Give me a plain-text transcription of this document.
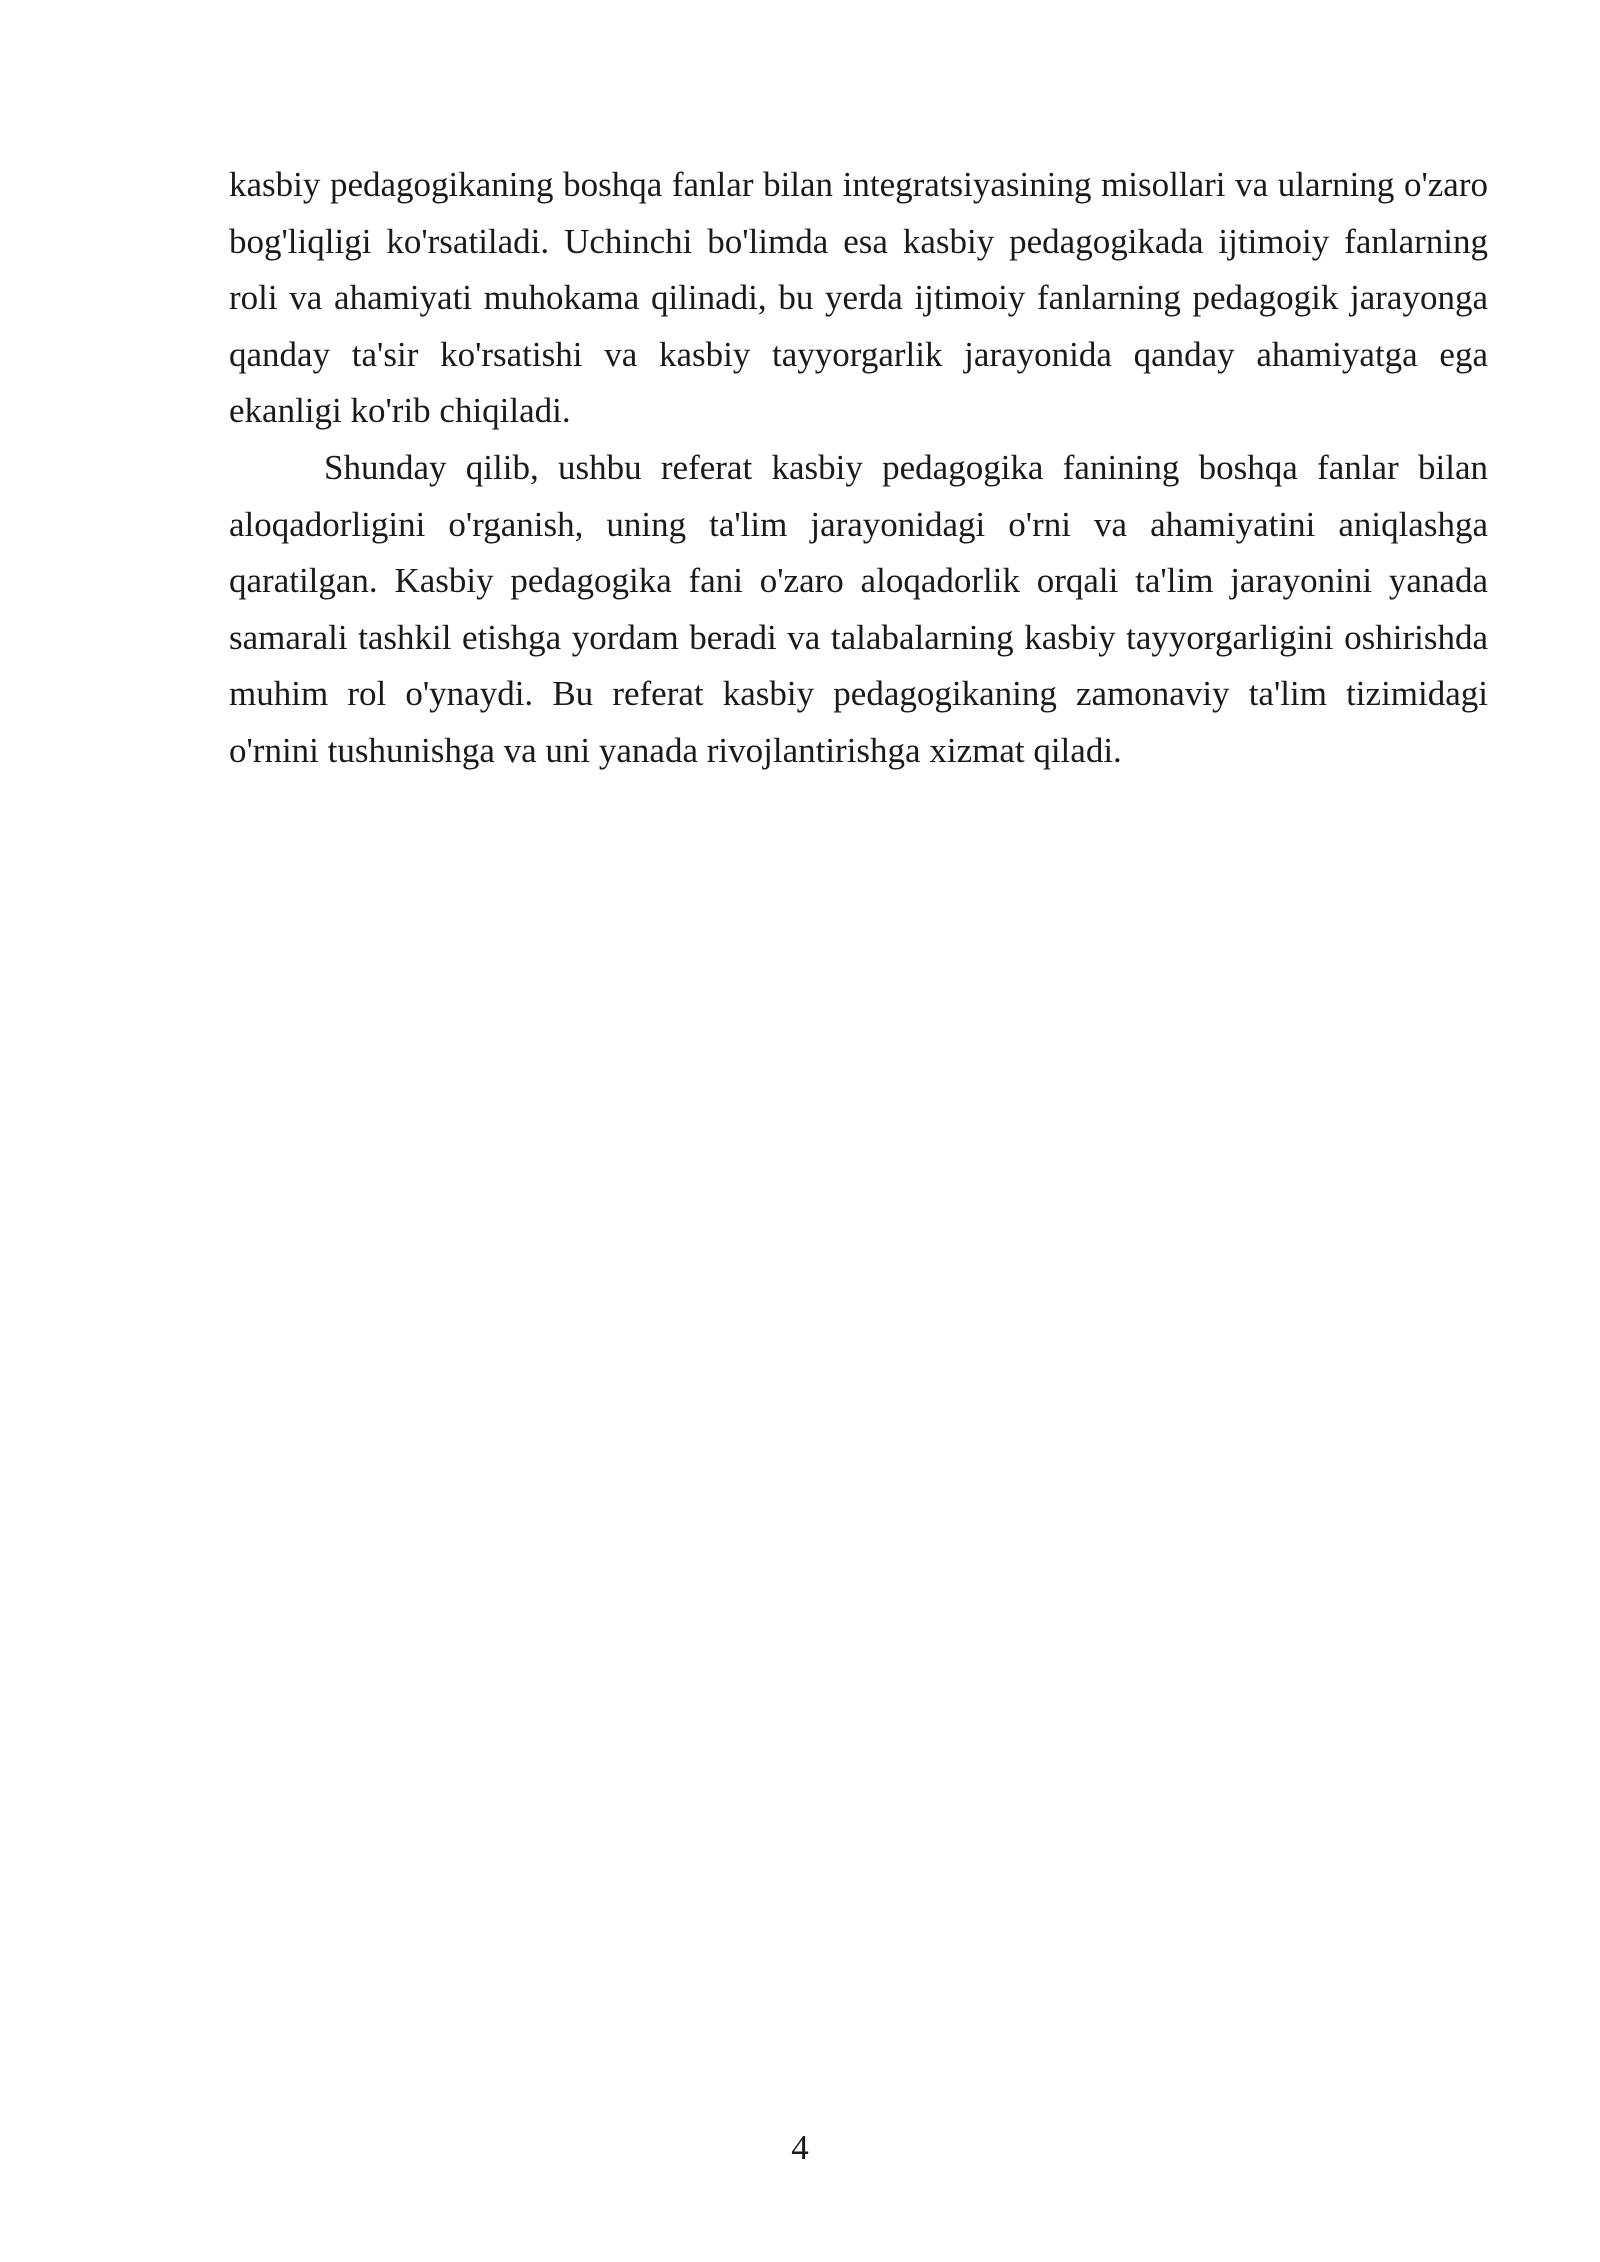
kasbiy pedagogikaning boshqa fanlar bilan integratsiyasining misollari va ularning o'zaro bog'liqligi ko'rsatiladi. Uchinchi bo'limda esa kasbiy pedagogikada ijtimoiy fanlarning roli va ahamiyati muhokama qilinadi, bu yerda ijtimoiy fanlarning pedagogik jarayonga qanday ta'sir ko'rsatishi va kasbiy tayyorgarlik jarayonida qanday ahamiyatga ega ekanligi ko'rib chiqiladi.

Shunday qilib, ushbu referat kasbiy pedagogika fanining boshqa fanlar bilan aloqadorligini o'rganish, uning ta'lim jarayonidagi o'rni va ahamiyatini aniqlashga qaratilgan. Kasbiy pedagogika fani o'zaro aloqadorlik orqali ta'lim jarayonini yanada samarali tashkil etishga yordam beradi va talabalarning kasbiy tayyorgarligini oshirishda muhim rol o'ynaydi. Bu referat kasbiy pedagogikaning zamonaviy ta'lim tizimidagi o'rnini tushunishga va uni yanada rivojlantirishga xizmat qiladi.

4
